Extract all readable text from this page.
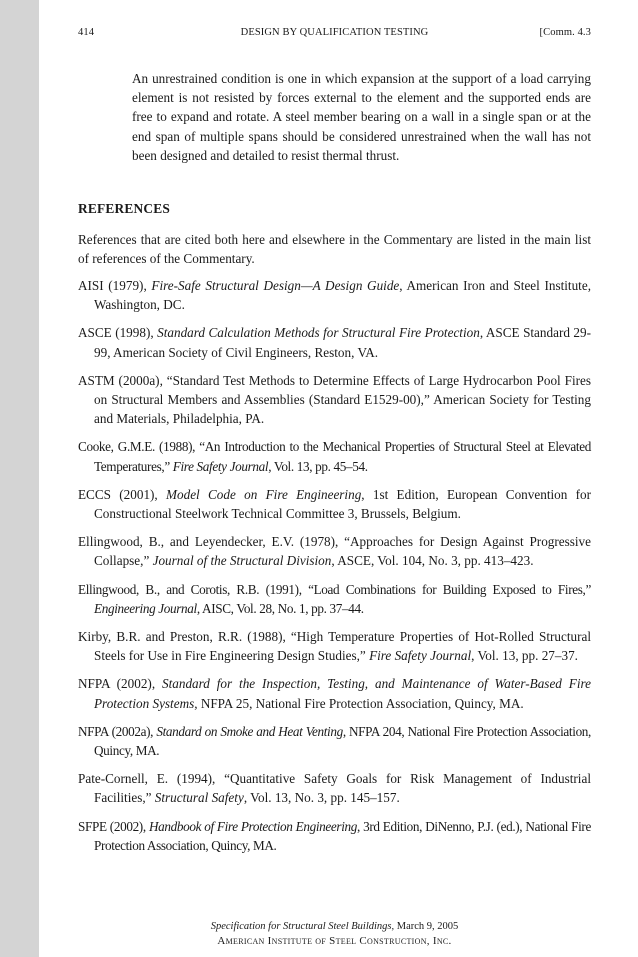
414	DESIGN BY QUALIFICATION TESTING	[Comm. 4.3

An unrestrained condition is one in which expansion at the support of a load carrying element is not resisted by forces external to the element and the supported ends are free to expand and rotate. A steel member bearing on a wall in a single span or at the end span of multiple spans should be considered unrestrained when the wall has not been designed and detailed to resist thermal thrust.

REFERENCES

References that are cited both here and elsewhere in the Commentary are listed in the main list of references of the Commentary.

AISI (1979), Fire-Safe Structural Design—A Design Guide, American Iron and Steel Institute, Washington, DC.

ASCE (1998), Standard Calculation Methods for Structural Fire Protection, ASCE Standard 29-99, American Society of Civil Engineers, Reston, VA.

ASTM (2000a), “Standard Test Methods to Determine Effects of Large Hydrocarbon Pool Fires on Structural Members and Assemblies (Standard E1529-00),” American Society for Testing and Materials, Philadelphia, PA.

Cooke, G.M.E. (1988), “An Introduction to the Mechanical Properties of Structural Steel at Elevated Temperatures,” Fire Safety Journal, Vol. 13, pp. 45–54.

ECCS (2001), Model Code on Fire Engineering, 1st Edition, European Convention for Constructional Steelwork Technical Committee 3, Brussels, Belgium.

Ellingwood, B., and Leyendecker, E.V. (1978), “Approaches for Design Against Progressive Collapse,” Journal of the Structural Division, ASCE, Vol. 104, No. 3, pp. 413–423.

Ellingwood, B., and Corotis, R.B. (1991), “Load Combinations for Building Exposed to Fires,” Engineering Journal, AISC, Vol. 28, No. 1, pp. 37–44.

Kirby, B.R. and Preston, R.R. (1988), “High Temperature Properties of Hot-Rolled Structural Steels for Use in Fire Engineering Design Studies,” Fire Safety Journal, Vol. 13, pp. 27–37.

NFPA (2002), Standard for the Inspection, Testing, and Maintenance of Water-Based Fire Protection Systems, NFPA 25, National Fire Protection Association, Quincy, MA.

NFPA (2002a), Standard on Smoke and Heat Venting, NFPA 204, National Fire Protection Association, Quincy, MA.

Pate-Cornell, E. (1994), “Quantitative Safety Goals for Risk Management of Industrial Facilities,” Structural Safety, Vol. 13, No. 3, pp. 145–157.

SFPE (2002), Handbook of Fire Protection Engineering, 3rd Edition, DiNenno, P.J. (ed.), National Fire Protection Association, Quincy, MA.

Specification for Structural Steel Buildings, March 9, 2005
American Institute of Steel Construction, Inc.
